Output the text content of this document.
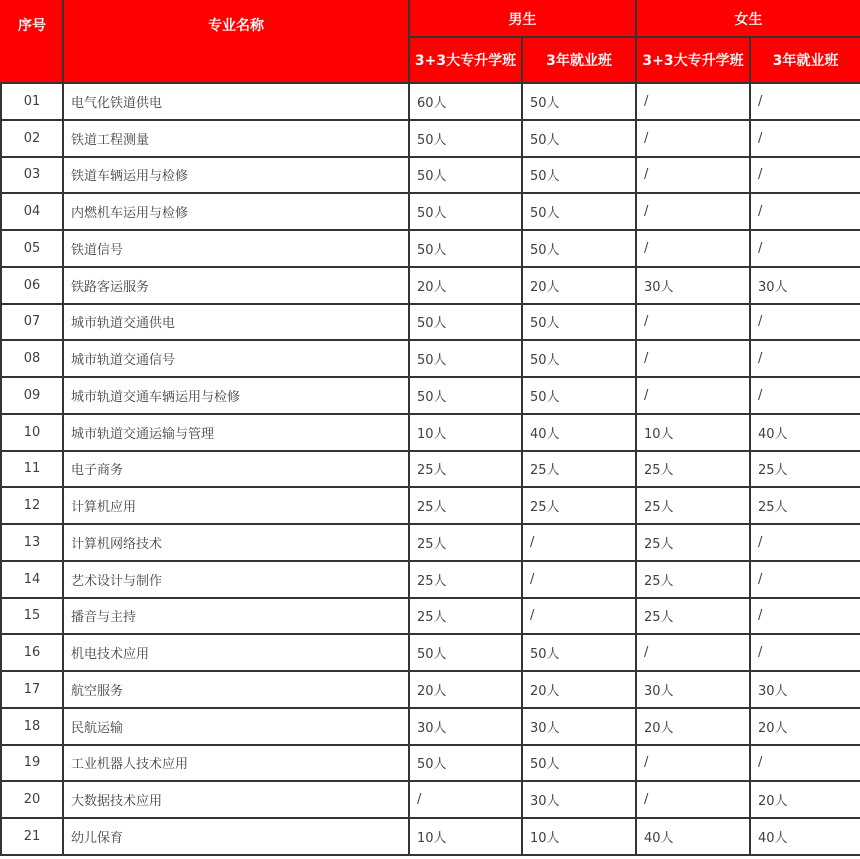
序号	专业名称	男生		女生	
		3+3大专升学班	3年就业班	3+3大专升学班	3年就业班
01	电气化铁道供电	60人	50人	/	/
02	铁道工程测量	50人	50人	/	/
03	铁道车辆运用与检修	50人	50人	/	/
04	内燃机车运用与检修	50人	50人	/	/
05	铁道信号	50人	50人	/	/
06	铁路客运服务	20人	20人	30人	30人
07	城市轨道交通供电	50人	50人	/	/
08	城市轨道交通信号	50人	50人	/	/
09	城市轨道交通车辆运用与检修	50人	50人	/	/
10	城市轨道交通运输与管理	10人	40人	10人	40人
11	电子商务	25人	25人	25人	25人
12	计算机应用	25人	25人	25人	25人
13	计算机网络技术	25人	/	25人	/
14	艺术设计与制作	25人	/	25人	/
15	播音与主持	25人	/	25人	/
16	机电技术应用	50人	50人	/	/
17	航空服务	20人	20人	30人	30人
18	民航运输	30人	30人	20人	20人
19	工业机器人技术应用	50人	50人	/	/
20	大数据技术应用	/	30人	/	20人
21	幼儿保育	10人	10人	40人	40人
